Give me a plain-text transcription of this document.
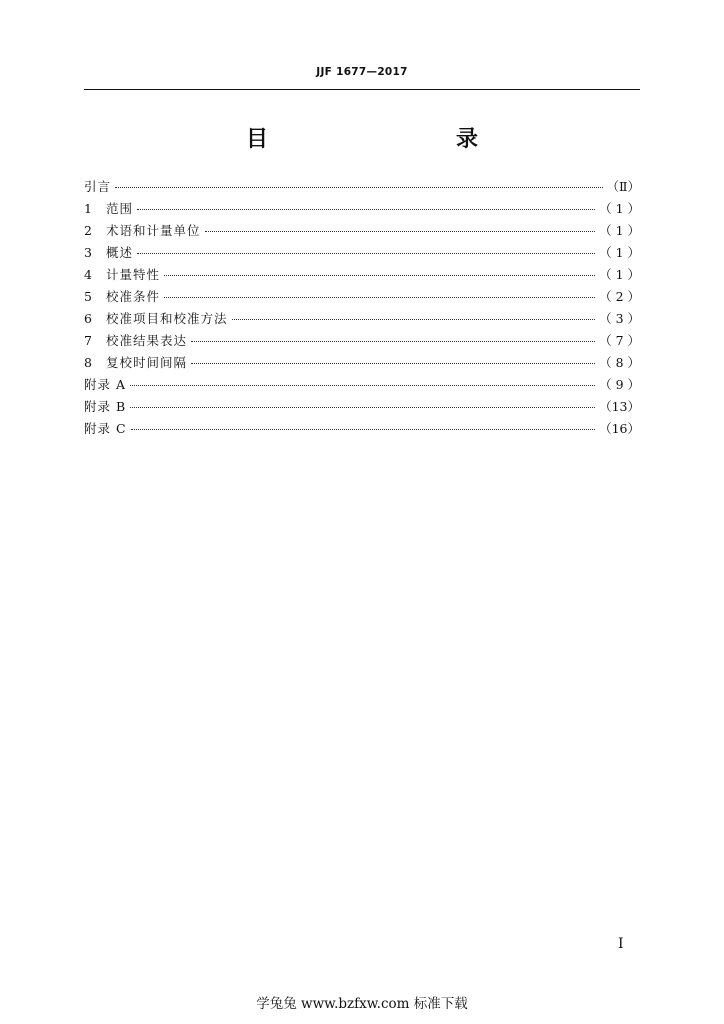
JJF 1677—2017
目　　录
引言	（Ⅱ）
1	范围	（ 1 ）
2	术语和计量单位	（ 1 ）
3	概述	（ 1 ）
4	计量特性	（ 1 ）
5	校准条件	（ 2 ）
6	校准项目和校准方法	（ 3 ）
7	校准结果表达	（ 7 ）
8	复校时间间隔	（ 8 ）
附录 A	（ 9 ）
附录 B	（13）
附录 C	（16）
I
学兔兔 www.bzfxw.com 标准下载
